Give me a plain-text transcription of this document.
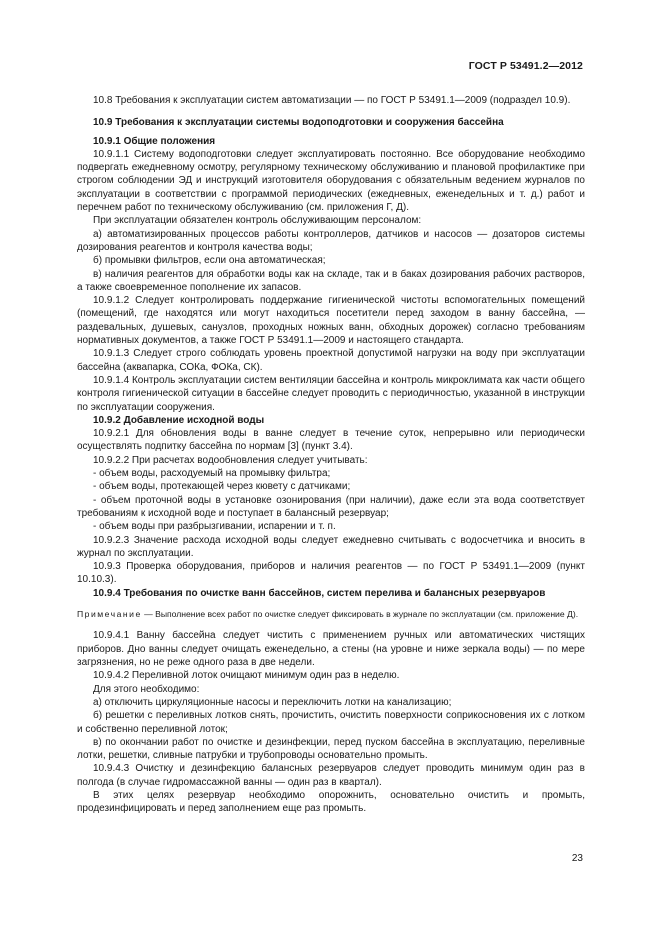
ГОСТ Р 53491.2—2012

10.8 Требования к эксплуатации систем автоматизации — по ГОСТ Р 53491.1—2009 (подраздел 10.9).

10.9 Требования к эксплуатации системы водоподготовки и сооружения бассейна

10.9.1 Общие положения

10.9.1.1 Систему водоподготовки следует эксплуатировать постоянно. Все оборудование необходимо подвергать ежедневному осмотру, регулярному техническому обслуживанию и плановой профилактике при строгом соблюдении ЭД и инструкций изготовителя оборудования с обязательным ведением журналов по эксплуатации в соответствии с программой периодических (ежедневных, еженедельных и т. д.) работ и перечнем работ по техническому обслуживанию (см. приложения Г, Д).

При эксплуатации обязателен контроль обслуживающим персоналом:

а) автоматизированных процессов работы контроллеров, датчиков и насосов — дозаторов системы дозирования реагентов и контроля качества воды;

б) промывки фильтров, если она автоматическая;

в) наличия реагентов для обработки воды как на складе, так и в баках дозирования рабочих растворов, а также своевременное пополнение их запасов.

10.9.1.2 Следует контролировать поддержание гигиенической чистоты вспомогательных помещений (помещений, где находятся или могут находиться посетители перед заходом в ванну бассейна, — раздевальных, душевых, санузлов, проходных ножных ванн, обходных дорожек) согласно требованиям нормативных документов, а также ГОСТ Р 53491.1—2009 и настоящего стандарта.

10.9.1.3 Следует строго соблюдать уровень проектной допустимой нагрузки на воду при эксплуатации бассейна (аквапарка, СОКа, ФОКа, СК).

10.9.1.4 Контроль эксплуатации систем вентиляции бассейна и контроль микроклимата как части общего контроля гигиенической ситуации в бассейне следует проводить с периодичностью, указанной в инструкции по эксплуатации сооружения.

10.9.2 Добавление исходной воды

10.9.2.1 Для обновления воды в ванне следует в течение суток, непрерывно или периодически осуществлять подпитку бассейна по нормам [3] (пункт 3.4).

10.9.2.2 При расчетах водообновления следует учитывать:

- объем воды, расходуемый на промывку фильтра;

- объем воды, протекающей через кювету с датчиками;

- объем проточной воды в установке озонирования (при наличии), даже если эта вода соответствует требованиям к исходной воде и поступает в балансный резервуар;

- объем воды при разбрызгивании, испарении и т. п.

10.9.2.3 Значение расхода исходной воды следует ежедневно считывать с водосчетчика и вносить в журнал по эксплуатации.

10.9.3 Проверка оборудования, приборов и наличия реагентов — по ГОСТ Р 53491.1—2009 (пункт 10.10.3).

10.9.4 Требования по очистке ванн бассейнов, систем перелива и балансных резервуаров

Примечание — Выполнение всех работ по очистке следует фиксировать в журнале по эксплуатации (см. приложение Д).

10.9.4.1 Ванну бассейна следует чистить с применением ручных или автоматических чистящих приборов. Дно ванны следует очищать еженедельно, а стены (на уровне и ниже зеркала воды) — по мере загрязнения, но не реже одного раза в две недели.

10.9.4.2 Переливной лоток очищают минимум один раз в неделю.

Для этого необходимо:

а) отключить циркуляционные насосы и переключить лотки на канализацию;

б) решетки с переливных лотков снять, прочистить, очистить поверхности соприкосновения их с лотком и собственно переливной лоток;

в) по окончании работ по очистке и дезинфекции, перед пуском бассейна в эксплуатацию, переливные лотки, решетки, сливные патрубки и трубопроводы основательно промыть.

10.9.4.3 Очистку и дезинфекцию балансных резервуаров следует проводить минимум один раз в полгода (в случае гидромассажной ванны — один раз в квартал).

В этих целях резервуар необходимо опорожнить, основательно очистить и промыть, продезинфицировать и перед заполнением еще раз промыть.

23
